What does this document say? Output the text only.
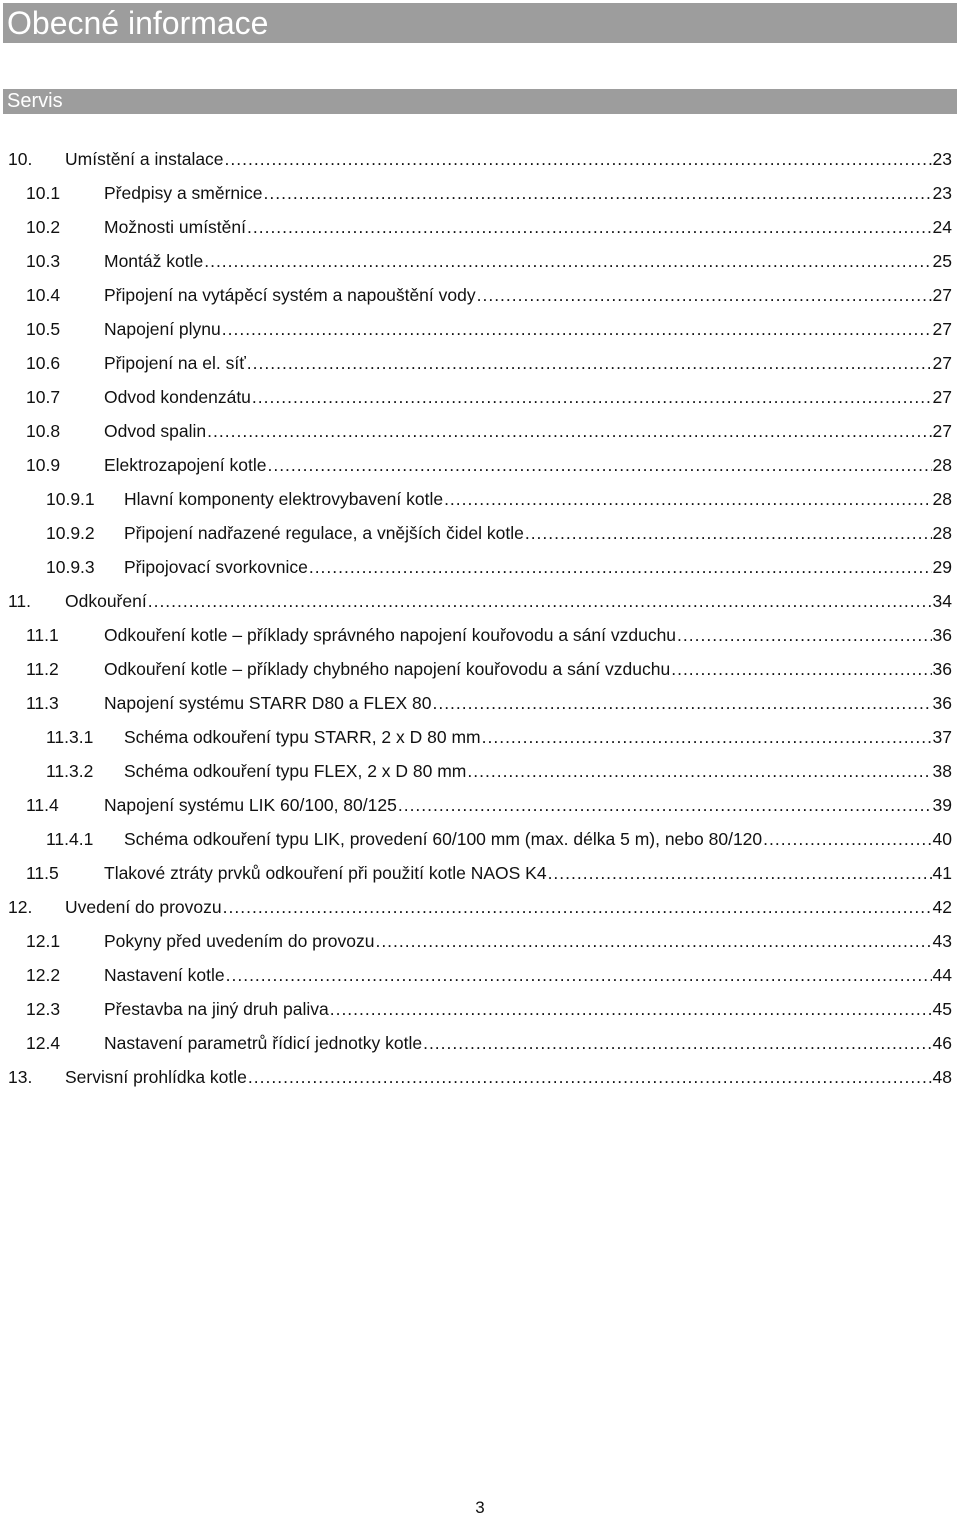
Obecné informace
Servis
10. Umístění a instalace .....	23
10.1	Předpisy a směrnice .....	23
10.2	Možnosti umístění .....	24
10.3	Montáž kotle .....	25
10.4	Připojení na vytápěcí systém a napouštění vody .....	27
10.5	Napojení plynu .....	27
10.6	Připojení na el. síť .....	27
10.7	Odvod kondenzátu .....	27
10.8	Odvod spalin .....	27
10.9	Elektrozapojení kotle .....	28
10.9.1 Hlavní komponenty elektrovybavení kotle .....	28
10.9.2 Připojení nadřazené regulace, a vnějších čidel kotle .....	28
10.9.3 Připojovací svorkovnice .....	29
11. Odkouření .....	34
11.1	Odkouření kotle – příklady správného napojení kouřovodu a sání vzduchu .....	36
11.2	Odkouření kotle – příklady chybného napojení kouřovodu a sání vzduchu .....	36
11.3	Napojení systému STARR D80 a FLEX 80 .....	36
11.3.1 Schéma odkouření typu STARR, 2 x D 80 mm .....	37
11.3.2 Schéma odkouření typu FLEX, 2 x D 80 mm .....	38
11.4	Napojení systému LIK 60/100, 80/125 .....	39
11.4.1 Schéma odkouření typu LIK, provedení 60/100 mm (max. délka 5 m), nebo 80/120 .....	40
11.5	Tlakové ztráty prvků odkouření při použití kotle NAOS K4 .....	41
12. Uvedení do provozu .....	42
12.1	Pokyny před uvedením do provozu .....	43
12.2	Nastavení kotle .....	44
12.3	Přestavba na jiný druh paliva .....	45
12.4	Nastavení parametrů řídicí jednotky kotle .....	46
13. Servisní prohlídka kotle .....	48
3
